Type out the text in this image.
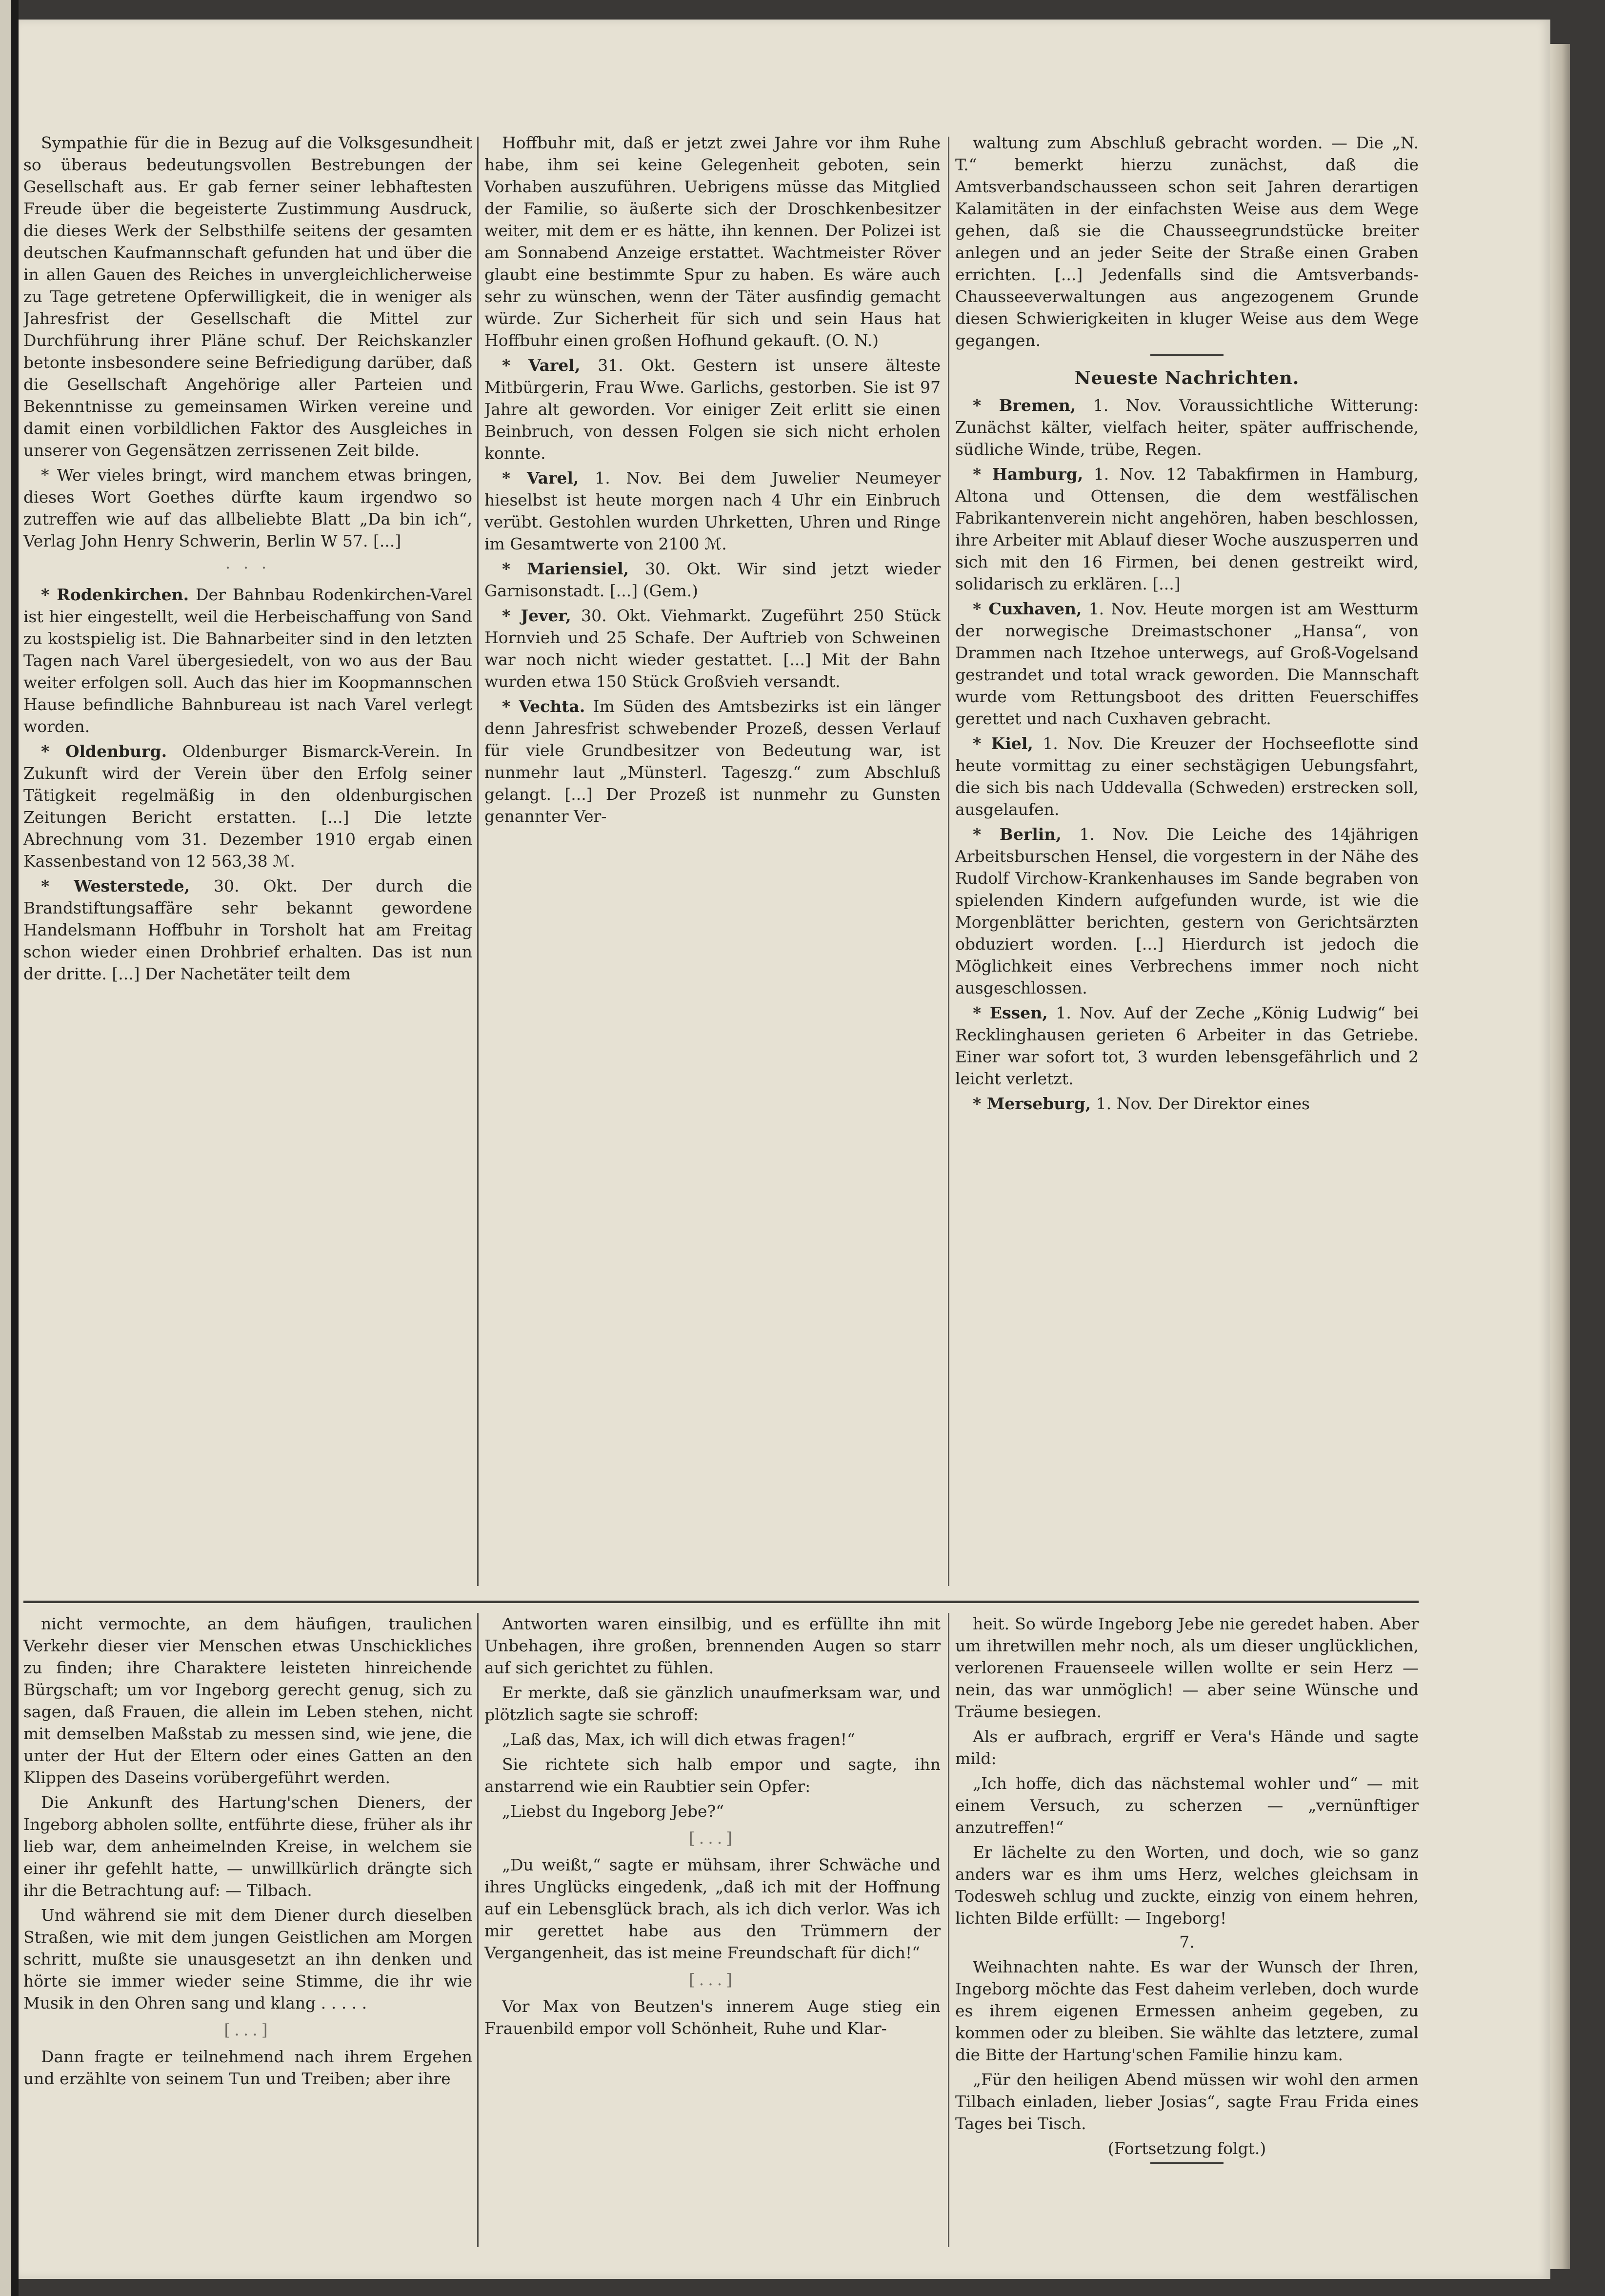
Sympathie für die in Bezug auf die Volksgesundheit so überaus bedeutungsvollen Bestrebungen der Gesellschaft aus. Er gab ferner seiner lebhaftesten Freude über die begeisterte Zustimmung Ausdruck, die dieses Werk der Selbsthilfe seitens der gesamten deutschen Kaufmannschaft gefunden hat und über die in allen Gauen des Reiches in unvergleichlicherweise zu Tage getretene Opferwilligkeit, die in weniger als Jahresfrist der Gesellschaft die Mittel zur Durchführung ihrer Pläne schuf. Der Reichskanzler betonte insbesondere seine Befriedigung darüber, daß die Gesellschaft Angehörige aller Parteien und Bekenntnisse zu gemeinsamen Wirken vereine und damit einen vorbildlichen Faktor des Ausgleiches in unserer von Gegensätzen zerrissenen Zeit bilde.

* Wer vieles bringt, wird manchem etwas bringen, dieses Wort Goethes dürfte kaum irgendwo so zutreffen wie auf das allbeliebte Blatt „Da bin ich“, Verlag John Henry Schwerin, Berlin W 57. [...]

· · ·

* Rodenkirchen. Der Bahnbau Rodenkirchen-Varel ist hier eingestellt, weil die Herbeischaffung von Sand zu kostspielig ist. Die Bahnarbeiter sind in den letzten Tagen nach Varel übergesiedelt, von wo aus der Bau weiter erfolgen soll. Auch das hier im Koopmannschen Hause befindliche Bahnbureau ist nach Varel verlegt worden.

* Oldenburg. Oldenburger Bismarck-Verein. In Zukunft wird der Verein über den Erfolg seiner Tätigkeit regelmäßig in den oldenburgischen Zeitungen Bericht erstatten. [...] Die letzte Abrechnung vom 31. Dezember 1910 ergab einen Kassenbestand von 12 563,38 ℳ.

* Westerstede, 30. Okt. Der durch die Brandstiftungsaffäre sehr bekannt gewordene Handelsmann Hoffbuhr in Torsholt hat am Freitag schon wieder einen Drohbrief erhalten. Das ist nun der dritte. [...] Der Nachetäter teilt dem

Hoffbuhr mit, daß er jetzt zwei Jahre vor ihm Ruhe habe, ihm sei keine Gelegenheit geboten, sein Vorhaben auszuführen. Uebrigens müsse das Mitglied der Familie, so äußerte sich der Droschkenbesitzer weiter, mit dem er es hätte, ihn kennen. Der Polizei ist am Sonnabend Anzeige erstattet. Wachtmeister Röver glaubt eine bestimmte Spur zu haben. Es wäre auch sehr zu wünschen, wenn der Täter ausfindig gemacht würde. Zur Sicherheit für sich und sein Haus hat Hoffbuhr einen großen Hofhund gekauft. (O. N.)

* Varel, 31. Okt. Gestern ist unsere älteste Mitbürgerin, Frau Wwe. Garlichs, gestorben. Sie ist 97 Jahre alt geworden. Vor einiger Zeit erlitt sie einen Beinbruch, von dessen Folgen sie sich nicht erholen konnte.

* Varel, 1. Nov. Bei dem Juwelier Neumeyer hieselbst ist heute morgen nach 4 Uhr ein Einbruch verübt. Gestohlen wurden Uhrketten, Uhren und Ringe im Gesamtwerte von 2100 ℳ.

* Mariensiel, 30. Okt. Wir sind jetzt wieder Garnisonstadt. [...] (Gem.)

* Jever, 30. Okt. Viehmarkt. Zugeführt 250 Stück Hornvieh und 25 Schafe. Der Auftrieb von Schweinen war noch nicht wieder gestattet. [...] Mit der Bahn wurden etwa 150 Stück Großvieh versandt.

* Vechta. Im Süden des Amtsbezirks ist ein länger denn Jahresfrist schwebender Prozeß, dessen Verlauf für viele Grundbesitzer von Bedeutung war, ist nunmehr laut „Münsterl. Tageszg.“ zum Abschluß gelangt. [...] Der Prozeß ist nunmehr zu Gunsten genannter Ver-

waltung zum Abschluß gebracht worden. — Die „N. T.“ bemerkt hierzu zunächst, daß die Amtsverbandschausseen schon seit Jahren derartigen Kalamitäten in der einfachsten Weise aus dem Wege gehen, daß sie die Chausseegrundstücke breiter anlegen und an jeder Seite der Straße einen Graben errichten. [...] Jedenfalls sind die Amtsverbands-Chausseeverwaltungen aus angezogenem Grunde diesen Schwierigkeiten in kluger Weise aus dem Wege gegangen.

Neueste Nachrichten.

* Bremen, 1. Nov. Voraussichtliche Witterung: Zunächst kälter, vielfach heiter, später auffrischende, südliche Winde, trübe, Regen.

* Hamburg, 1. Nov. 12 Tabakfirmen in Hamburg, Altona und Ottensen, die dem westfälischen Fabrikantenverein nicht angehören, haben beschlossen, ihre Arbeiter mit Ablauf dieser Woche auszusperren und sich mit den 16 Firmen, bei denen gestreikt wird, solidarisch zu erklären. [...]

* Cuxhaven, 1. Nov. Heute morgen ist am Westturm der norwegische Dreimastschoner „Hansa“, von Drammen nach Itzehoe unterwegs, auf Groß-Vogelsand gestrandet und total wrack geworden. Die Mannschaft wurde vom Rettungsboot des dritten Feuerschiffes gerettet und nach Cuxhaven gebracht.

* Kiel, 1. Nov. Die Kreuzer der Hochseeflotte sind heute vormittag zu einer sechstägigen Uebungsfahrt, die sich bis nach Uddevalla (Schweden) erstrecken soll, ausgelaufen.

* Berlin, 1. Nov. Die Leiche des 14jährigen Arbeitsburschen Hensel, die vorgestern in der Nähe des Rudolf Virchow-Krankenhauses im Sande begraben von spielenden Kindern aufgefunden wurde, ist wie die Morgenblätter berichten, gestern von Gerichtsärzten obduziert worden. [...] Hierdurch ist jedoch die Möglichkeit eines Verbrechens immer noch nicht ausgeschlossen.

* Essen, 1. Nov. Auf der Zeche „König Ludwig“ bei Recklinghausen gerieten 6 Arbeiter in das Getriebe. Einer war sofort tot, 3 wurden lebensgefährlich und 2 leicht verletzt.

* Merseburg, 1. Nov. Der Direktor eines

nicht vermochte, an dem häufigen, traulichen Verkehr dieser vier Menschen etwas Unschickliches zu finden; ihre Charaktere leisteten hinreichende Bürgschaft; um vor Ingeborg gerecht genug, sich zu sagen, daß Frauen, die allein im Leben stehen, nicht mit demselben Maßstab zu messen sind, wie jene, die unter der Hut der Eltern oder eines Gatten an den Klippen des Daseins vorübergeführt werden.

Die Ankunft des Hartung'schen Dieners, der Ingeborg abholen sollte, entführte diese, früher als ihr lieb war, dem anheimelnden Kreise, in welchem sie einer ihr gefehlt hatte, — unwillkürlich drängte sich ihr die Betrachtung auf: — Tilbach.

Und während sie mit dem Diener durch dieselben Straßen, wie mit dem jungen Geistlichen am Morgen schritt, mußte sie unausgesetzt an ihn denken und hörte sie immer wieder seine Stimme, die ihr wie Musik in den Ohren sang und klang . . . . .

[...]

Dann fragte er teilnehmend nach ihrem Ergehen und erzählte von seinem Tun und Treiben; aber ihre

Antworten waren einsilbig, und es erfüllte ihn mit Unbehagen, ihre großen, brennenden Augen so starr auf sich gerichtet zu fühlen.

Er merkte, daß sie gänzlich unaufmerksam war, und plötzlich sagte sie schroff:

„Laß das, Max, ich will dich etwas fragen!“

Sie richtete sich halb empor und sagte, ihn anstarrend wie ein Raubtier sein Opfer:

„Liebst du Ingeborg Jebe?“

[...]

„Du weißt,“ sagte er mühsam, ihrer Schwäche und ihres Unglücks eingedenk, „daß ich mit der Hoffnung auf ein Lebensglück brach, als ich dich verlor. Was ich mir gerettet habe aus den Trümmern der Vergangenheit, das ist meine Freundschaft für dich!“

[...]

Vor Max von Beutzen's innerem Auge stieg ein Frauenbild empor voll Schönheit, Ruhe und Klar-

heit. So würde Ingeborg Jebe nie geredet haben. Aber um ihretwillen mehr noch, als um dieser unglücklichen, verlorenen Frauenseele willen wollte er sein Herz — nein, das war unmöglich! — aber seine Wünsche und Träume besiegen.

Als er aufbrach, ergriff er Vera's Hände und sagte mild:

„Ich hoffe, dich das nächstemal wohler und“ — mit einem Versuch, zu scherzen — „vernünftiger anzutreffen!“

Er lächelte zu den Worten, und doch, wie so ganz anders war es ihm ums Herz, welches gleichsam in Todesweh schlug und zuckte, einzig von einem hehren, lichten Bilde erfüllt: — Ingeborg!

7.

Weihnachten nahte. Es war der Wunsch der Ihren, Ingeborg möchte das Fest daheim verleben, doch wurde es ihrem eigenen Ermessen anheim gegeben, zu kommen oder zu bleiben. Sie wählte das letztere, zumal die Bitte der Hartung'schen Familie hinzu kam.

„Für den heiligen Abend müssen wir wohl den armen Tilbach einladen, lieber Josias“, sagte Frau Frida eines Tages bei Tisch.

(Fortsetzung folgt.)
